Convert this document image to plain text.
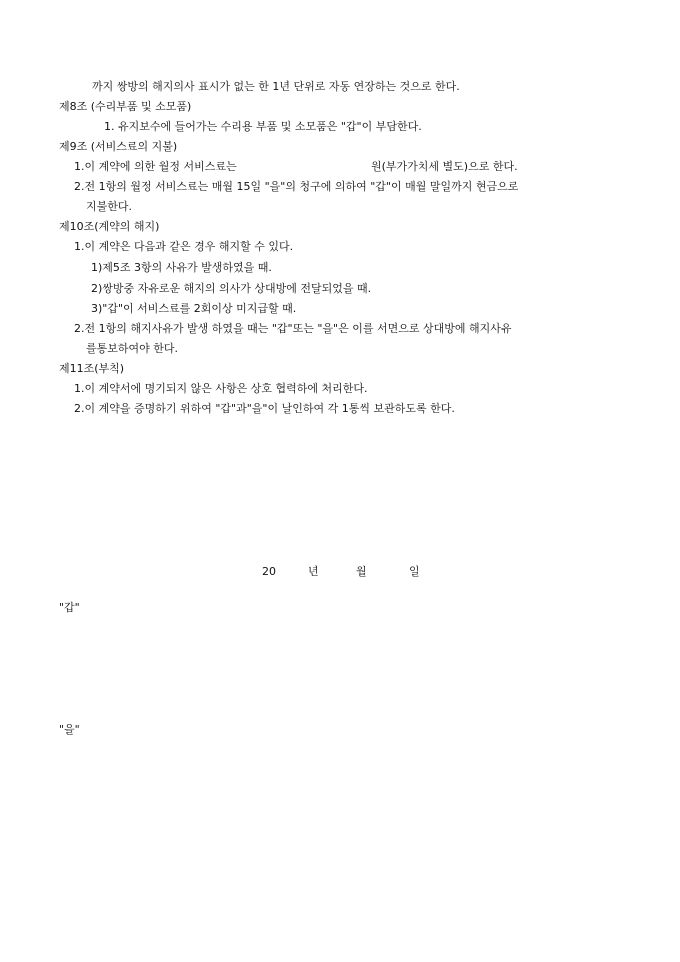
까지 쌍방의 해지의사 표시가 없는 한 1년 단위로 자동 연장하는 것으로 한다.
제8조 (수리부품 및 소모품)
1. 유지보수에 들어가는 수리용 부품 및 소모품은 "갑"이 부담한다.
제9조 (서비스료의 지불)
1.이 계약에 의한 월정 서비스료는	원(부가가치세 별도)으로 한다.
2.전 1항의 월정 서비스료는 매월 15일 "을"의 청구에 의하여 "갑"이 매월 말일까지 현금으로
지불한다.
제10조(계약의 해지)
1.이 계약은 다음과 같은 경우 해지할 수 있다.
1)제5조 3항의 사유가 발생하였을 때.
2)쌍방중 자유로운 해지의 의사가 상대방에 전달되었을 때.
3)"갑"이 서비스료를 2회이상 미지급할 때.
2.전 1항의 해지사유가 발생 하였을 때는 "갑"또는 "을"은 이를 서면으로 상대방에 해지사유
를통보하여야 한다.
제11조(부칙)
1.이 계약서에 명기되지 않은 사항은 상호 협력하에 처리한다.
2.이 계약을 증명하기 위하여 "갑"과"을"이 날인하여 각 1통씩 보관하도록 한다.
20	년	월	일
"갑"
"을"
